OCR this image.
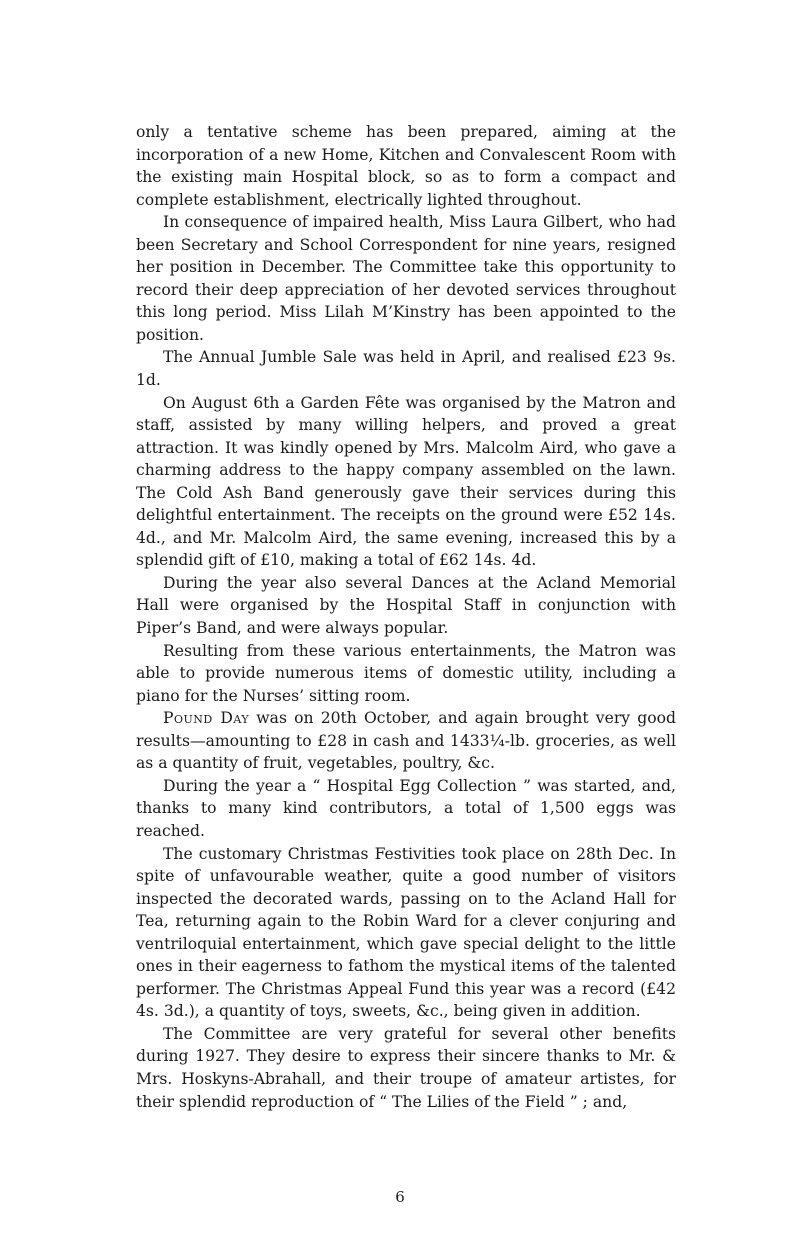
only a tentative scheme has been prepared, aiming at the incorporation of a new Home, Kitchen and Convalescent Room with the existing main Hospital block, so as to form a compact and complete establishment, electrically lighted throughout.

In consequence of impaired health, Miss Laura Gilbert, who had been Secretary and School Correspondent for nine years, resigned her position in December. The Committee take this opportunity to record their deep appreciation of her devoted services throughout this long period. Miss Lilah M’Kinstry has been appointed to the position.

The Annual Jumble Sale was held in April, and realised £23 9s. 1d.

On August 6th a Garden Fête was organised by the Matron and staff, assisted by many willing helpers, and proved a great attraction. It was kindly opened by Mrs. Malcolm Aird, who gave a charming address to the happy company assembled on the lawn. The Cold Ash Band generously gave their services during this delightful entertainment. The receipts on the ground were £52 14s. 4d., and Mr. Malcolm Aird, the same evening, increased this by a splendid gift of £10, making a total of £62 14s. 4d.

During the year also several Dances at the Acland Memorial Hall were organised by the Hospital Staff in conjunction with Piper’s Band, and were always popular.

Resulting from these various entertainments, the Matron was able to provide numerous items of domestic utility, including a piano for the Nurses’ sitting room.

Pound Day was on 20th October, and again brought very good results—amounting to £28 in cash and 1433¼-lb. groceries, as well as a quantity of fruit, vegetables, poultry, &c.

During the year a “ Hospital Egg Collection ” was started, and, thanks to many kind contributors, a total of 1,500 eggs was reached.

The customary Christmas Festivities took place on 28th Dec. In spite of unfavourable weather, quite a good number of visitors inspected the decorated wards, passing on to the Acland Hall for Tea, returning again to the Robin Ward for a clever conjuring and ventriloquial entertainment, which gave special delight to the little ones in their eagerness to fathom the mystical items of the talented performer. The Christmas Appeal Fund this year was a record (£42 4s. 3d.), a quantity of toys, sweets, &c., being given in addition.

The Committee are very grateful for several other benefits during 1927. They desire to express their sincere thanks to Mr. & Mrs. Hoskyns-Abrahall, and their troupe of amateur artistes, for their splendid reproduction of “ The Lilies of the Field ” ; and,

6
